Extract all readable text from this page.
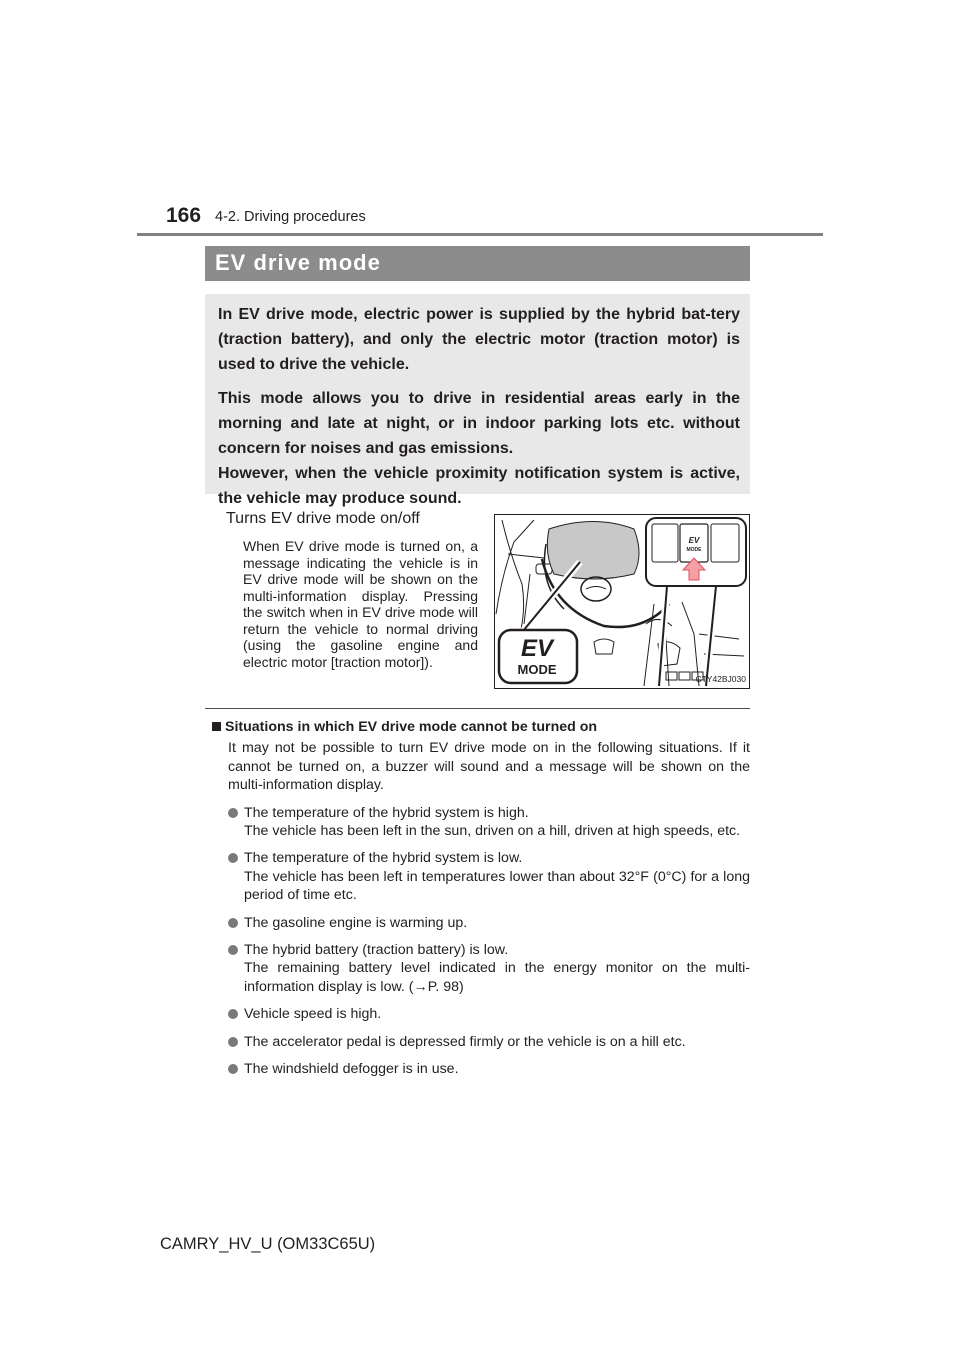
166 4-2. Driving procedures
EV drive mode

In EV drive mode, electric power is supplied by the hybrid bat-tery (traction battery), and only the electric motor (traction motor) is used to drive the vehicle.

This mode allows you to drive in residential areas early in the morning and late at night, or in indoor parking lots etc. without concern for noises and gas emissions.

However, when the vehicle proximity notification system is active, the vehicle may produce sound.

Turns EV drive mode on/off
When EV drive mode is turned on, a message indicating the vehicle is in EV drive mode will be shown on the multi-information display. Pressing the switch when in EV drive mode will return the vehicle to normal driving (using the gasoline engine and electric motor [traction motor]).
EV
MODE
EV
MODE
CTY42BJ030
Situations in which EV drive mode cannot be turned on
It may not be possible to turn EV drive mode on in the following situations. If it cannot be turned on, a buzzer will sound and a message will be shown on the multi-information display.
The temperature of the hybrid system is high.
The vehicle has been left in the sun, driven on a hill, driven at high speeds, etc.
The temperature of the hybrid system is low.
The vehicle has been left in temperatures lower than about 32°F (0°C) for a long period of time etc.
The gasoline engine is warming up.
The hybrid battery (traction battery) is low.
The remaining battery level indicated in the energy monitor on the multi-information display is low. (→P. 98)
Vehicle speed is high.
The accelerator pedal is depressed firmly or the vehicle is on a hill etc.
The windshield defogger is in use.
CAMRY_HV_U (OM33C65U)
